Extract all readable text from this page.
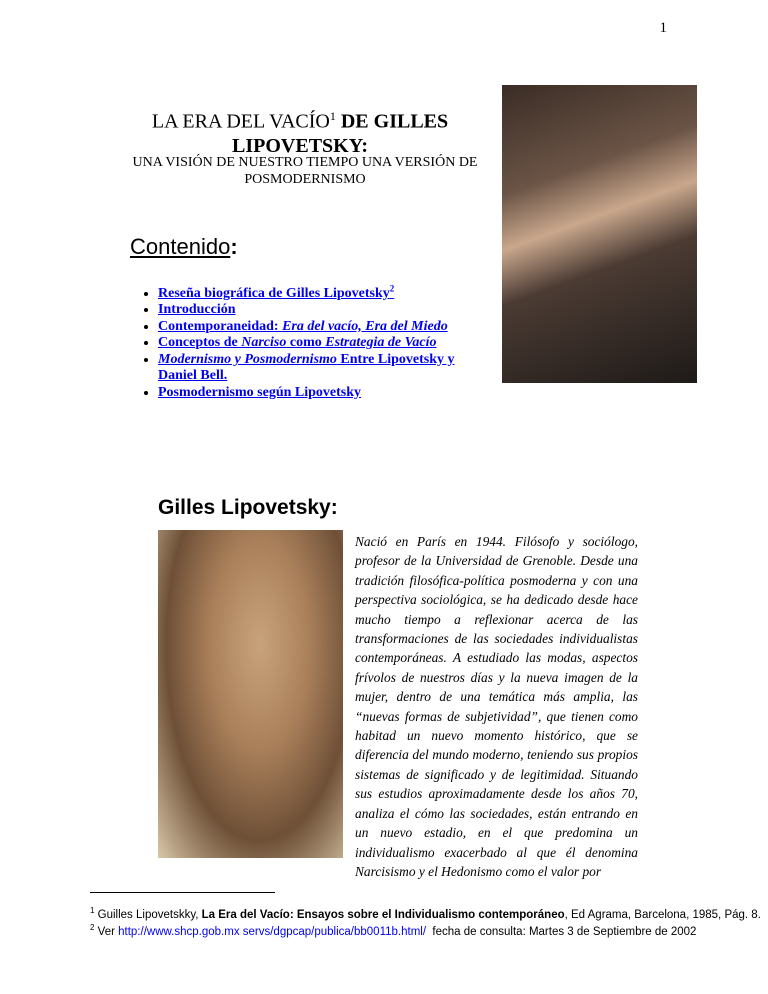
1
LA ERA DEL VACÍO$^1$ DE GILLES LIPOVETSKY:
UNA VISIÓN DE NUESTRO TIEMPO UNA VERSIÓN DE POSMODERNISMO
Contenido:
• Reseña biográfica de Gilles Lipovetsky$^2$
• Introducción
• Contemporaneidad: Era del vacío, Era del Miedo
• Conceptos de Narciso como Estrategia de Vacío
• Modernismo y Posmodernismo Entre Lipovetsky y Daniel Bell.
• Posmodernismo según Lipovetsky
Gilles Lipovetsky:

Nació en París en 1944. Filósofo y sociólogo, profesor de la Universidad de Grenoble. Desde una tradición filosófica-política posmoderna y con una perspectiva sociológica, se ha dedicado desde hace mucho tiempo a reflexionar acerca de las transformaciones de las sociedades individualistas contemporáneas. A estudiado las modas, aspectos frívolos de nuestros días y la nueva imagen de la mujer, dentro de una temática más amplia, las “nuevas formas de subjetividad”, que tienen como habitad un nuevo momento histórico, que se diferencia del mundo moderno, teniendo sus propios sistemas de significado y de legitimidad. Situando sus estudios aproximadamente desde los años 70, analiza el cómo las sociedades, están entrando en un nuevo estadio, en el que predomina un individualismo exacerbado al que él denomina Narcisismo y el Hedonismo como el valor por

$^1$ Guilles Lipovetskky, La Era del Vacío: Ensayos sobre el Individualismo contemporáneo, Ed Agrama, Barcelona, 1985, Pág. 8.
$^2$ Ver http://www.shcp.gob.mx servs/dgpcap/publica/bb0011b.html/  fecha de consulta: Martes 3 de Septiembre de 2002
